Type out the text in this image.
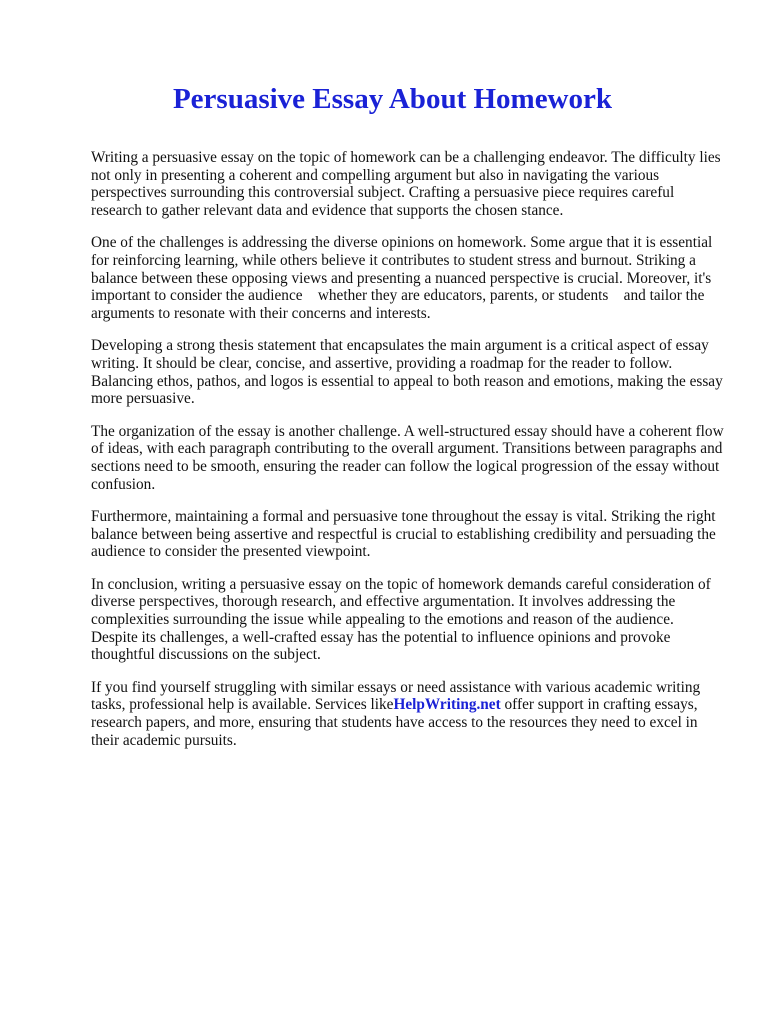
Persuasive Essay About Homework

Writing a persuasive essay on the topic of homework can be a challenging endeavor. The difficulty lies not only in presenting a coherent and compelling argument but also in navigating the various perspectives surrounding this controversial subject. Crafting a persuasive piece requires careful research to gather relevant data and evidence that supports the chosen stance.

One of the challenges is addressing the diverse opinions on homework. Some argue that it is essential for reinforcing learning, while others believe it contributes to student stress and burnout. Striking a balance between these opposing views and presenting a nuanced perspective is crucial. Moreover, it's important to consider the audience    whether they are educators, parents, or students    and tailor the arguments to resonate with their concerns and interests.

Developing a strong thesis statement that encapsulates the main argument is a critical aspect of essay writing. It should be clear, concise, and assertive, providing a roadmap for the reader to follow. Balancing ethos, pathos, and logos is essential to appeal to both reason and emotions, making the essay more persuasive.

The organization of the essay is another challenge. A well-structured essay should have a coherent flow of ideas, with each paragraph contributing to the overall argument. Transitions between paragraphs and sections need to be smooth, ensuring the reader can follow the logical progression of the essay without confusion.

Furthermore, maintaining a formal and persuasive tone throughout the essay is vital. Striking the right balance between being assertive and respectful is crucial to establishing credibility and persuading the audience to consider the presented viewpoint.

In conclusion, writing a persuasive essay on the topic of homework demands careful consideration of diverse perspectives, thorough research, and effective argumentation. It involves addressing the complexities surrounding the issue while appealing to the emotions and reason of the audience. Despite its challenges, a well-crafted essay has the potential to influence opinions and provoke thoughtful discussions on the subject.

If you find yourself struggling with similar essays or need assistance with various academic writing tasks, professional help is available. Services likeHelpWriting.net offer support in crafting essays, research papers, and more, ensuring that students have access to the resources they need to excel in their academic pursuits.
